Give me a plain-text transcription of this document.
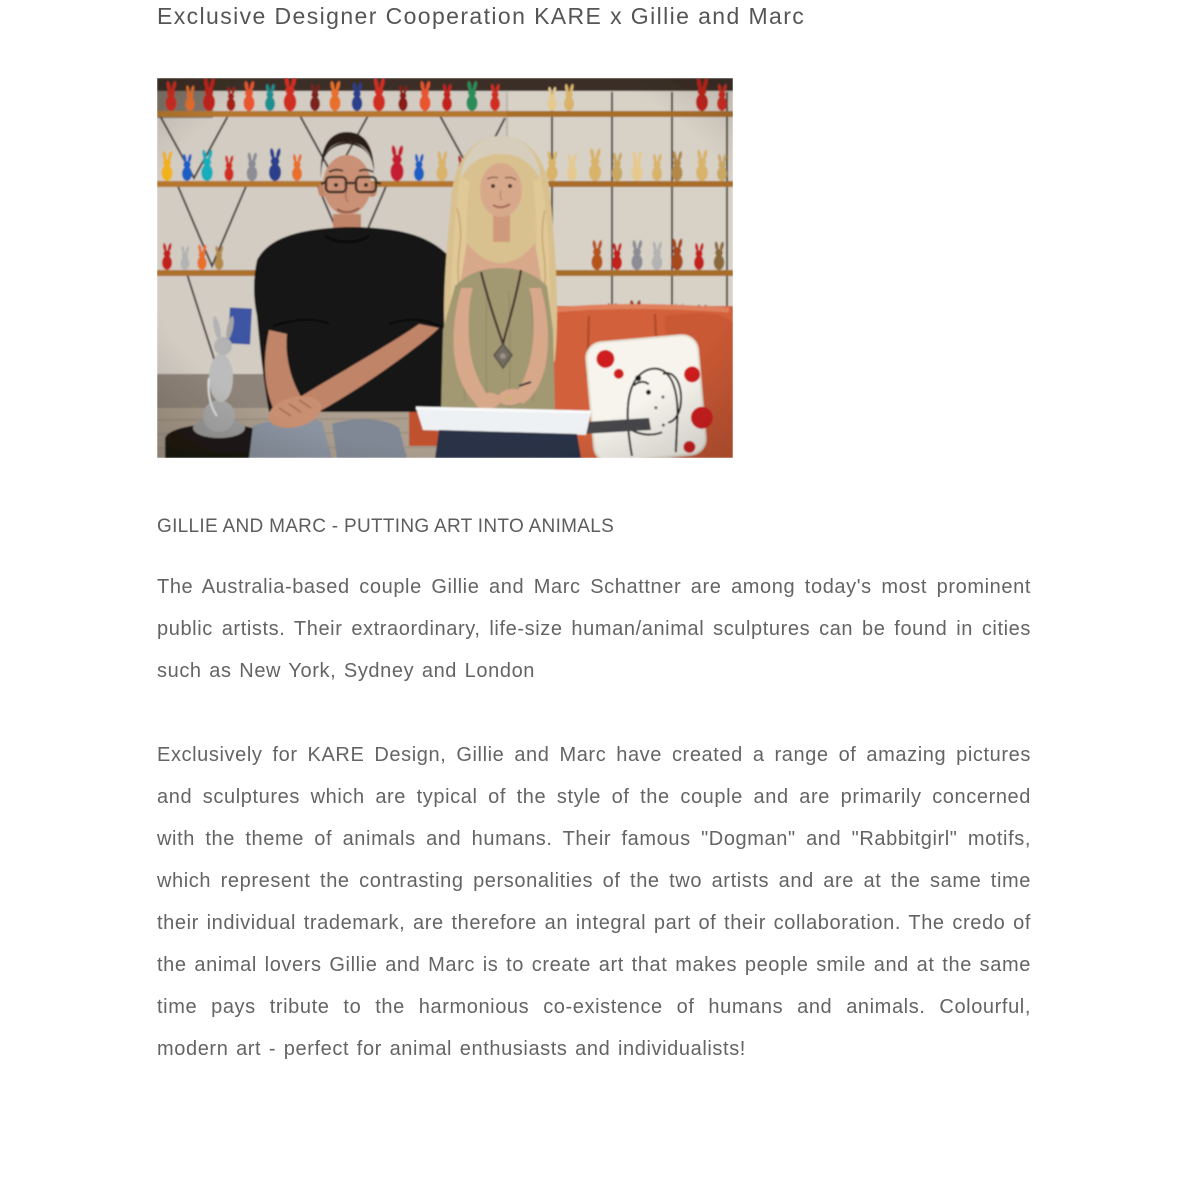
Exclusive Designer Cooperation KARE x Gillie and Marc
GILLIE AND MARC - PUTTING ART INTO ANIMALS

The Australia-based couple Gillie and Marc Schattner are among today's most prominent public artists. Their extraordinary, life-size human/animal sculptures can be found in cities such as New York, Sydney and London

Exclusively for KARE Design, Gillie and Marc have created a range of amazing pictures and sculptures which are typical of the style of the couple and are primarily concerned with the theme of animals and humans. Their famous "Dogman" and "Rabbitgirl" motifs, which represent the contrasting personalities of the two artists and are at the same time their individual trademark, are therefore an integral part of their collaboration. The credo of the animal lovers Gillie and Marc is to create art that makes people smile and at the same time pays tribute to the harmonious co-existence of humans and animals. Colourful, modern art - perfect for animal enthusiasts and individualists!
